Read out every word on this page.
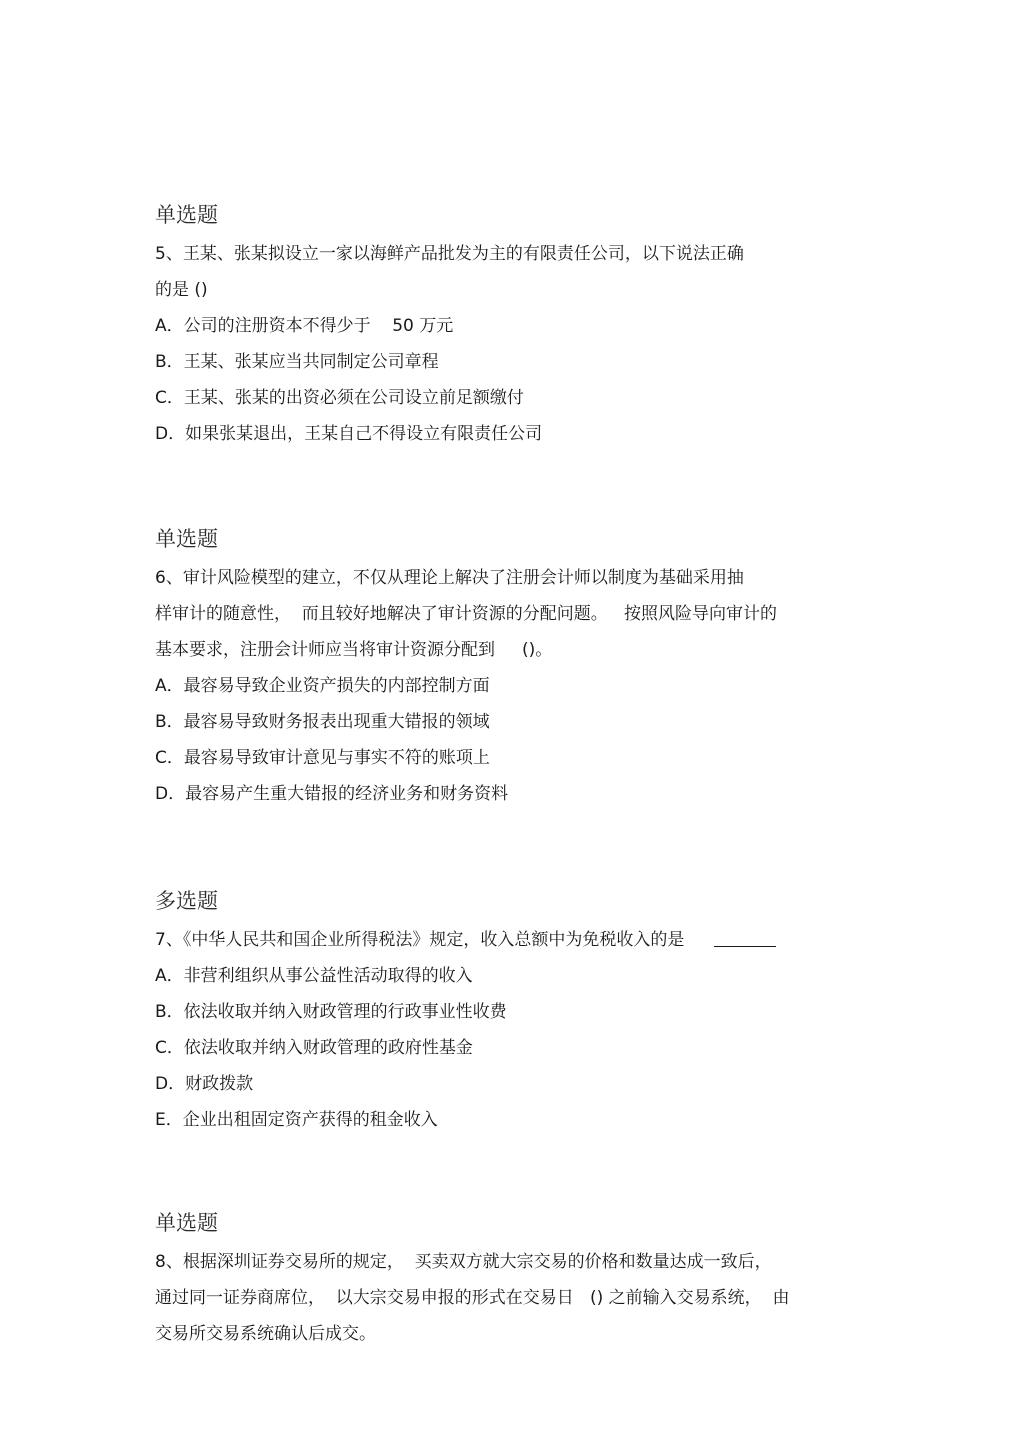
单选题
5、王某、张某拟设立一家以海鲜产品批发为主的有限责任公司，以下说法正确
的是 ()
A．公司的注册资本不得少于    50 万元
B．王某、张某应当共同制定公司章程
C．王某、张某的出资必须在公司设立前足额缴付
D．如果张某退出，王某自己不得设立有限责任公司
单选题
6、审计风险模型的建立，不仅从理论上解决了注册会计师以制度为基础采用抽
样审计的随意性，  而且较好地解决了审计资源的分配问题。   按照风险导向审计的
基本要求，注册会计师应当将审计资源分配到     ()。
A．最容易导致企业资产损失的内部控制方面
B．最容易导致财务报表出现重大错报的领域
C．最容易导致审计意见与事实不符的账项上
D．最容易产生重大错报的经济业务和财务资料
多选题
7、《中华人民共和国企业所得税法》规定，收入总额中为免税收入的是
A．非营利组织从事公益性活动取得的收入
B．依法收取并纳入财政管理的行政事业性收费
C．依法收取并纳入财政管理的政府性基金
D．财政拨款
E．企业出租固定资产获得的租金收入
单选题
8、根据深圳证券交易所的规定，  买卖双方就大宗交易的价格和数量达成一致后，
通过同一证券商席位，  以大宗交易申报的形式在交易日   () 之前输入交易系统，  由
交易所交易系统确认后成交。
